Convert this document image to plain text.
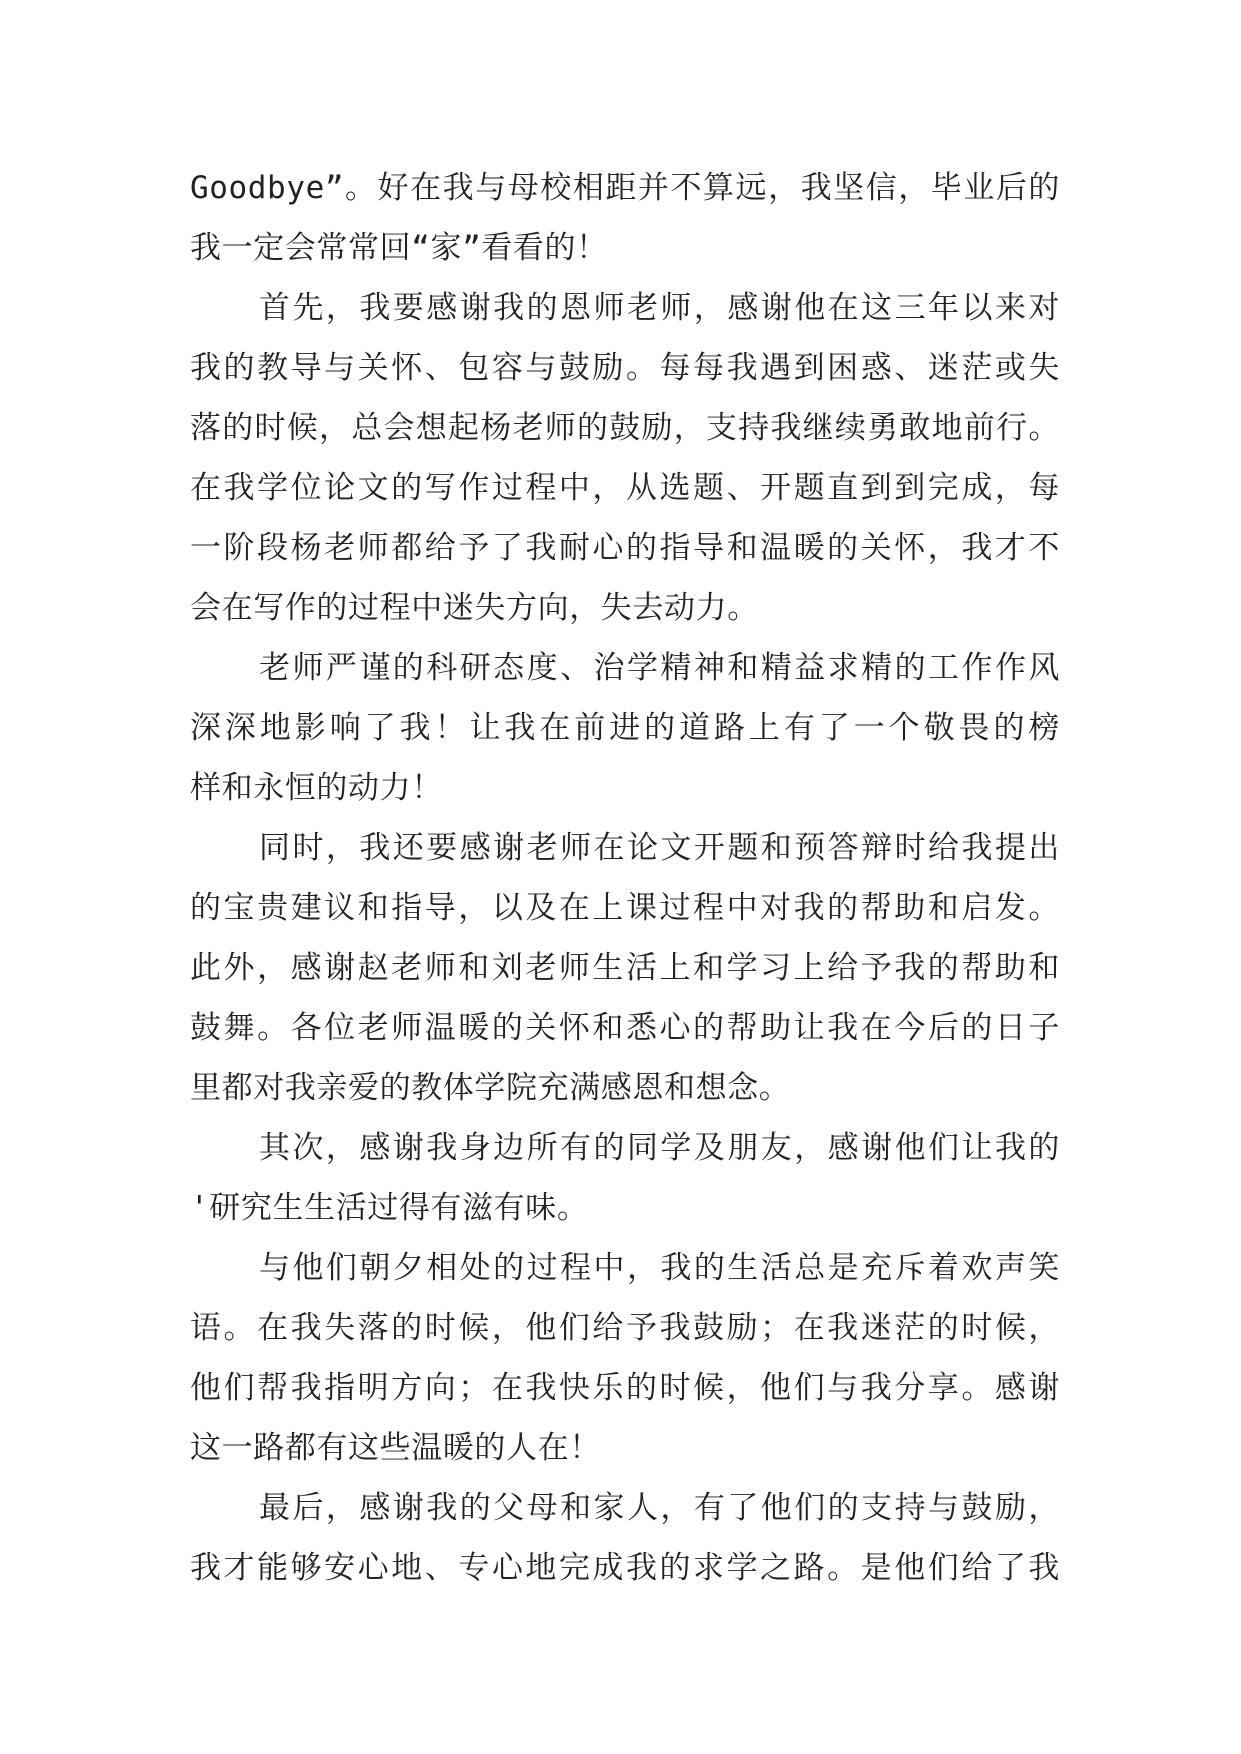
Goodbye”。好在我与母校相距并不算远，我坚信，毕业后的
我一定会常常回“家”看看的！
首先，我要感谢我的恩师老师，感谢他在这三年以来对
我的教导与关怀、包容与鼓励。每每我遇到困惑、迷茫或失
落的时候，总会想起杨老师的鼓励，支持我继续勇敢地前行。
在我学位论文的写作过程中，从选题、开题直到到完成，每
一阶段杨老师都给予了我耐心的指导和温暖的关怀，我才不
会在写作的过程中迷失方向，失去动力。
老师严谨的科研态度、治学精神和精益求精的工作作风
深深地影响了我！让我在前进的道路上有了一个敬畏的榜
样和永恒的动力！
同时，我还要感谢老师在论文开题和预答辩时给我提出
的宝贵建议和指导，以及在上课过程中对我的帮助和启发。
此外，感谢赵老师和刘老师生活上和学习上给予我的帮助和
鼓舞。各位老师温暖的关怀和悉心的帮助让我在今后的日子
里都对我亲爱的教体学院充满感恩和想念。
其次，感谢我身边所有的同学及朋友，感谢他们让我的
'研究生生活过得有滋有味。
与他们朝夕相处的过程中，我的生活总是充斥着欢声笑
语。在我失落的时候，他们给予我鼓励；在我迷茫的时候，
他们帮我指明方向；在我快乐的时候，他们与我分享。感谢
这一路都有这些温暖的人在！
最后，感谢我的父母和家人，有了他们的支持与鼓励，
我才能够安心地、专心地完成我的求学之路。是他们给了我
